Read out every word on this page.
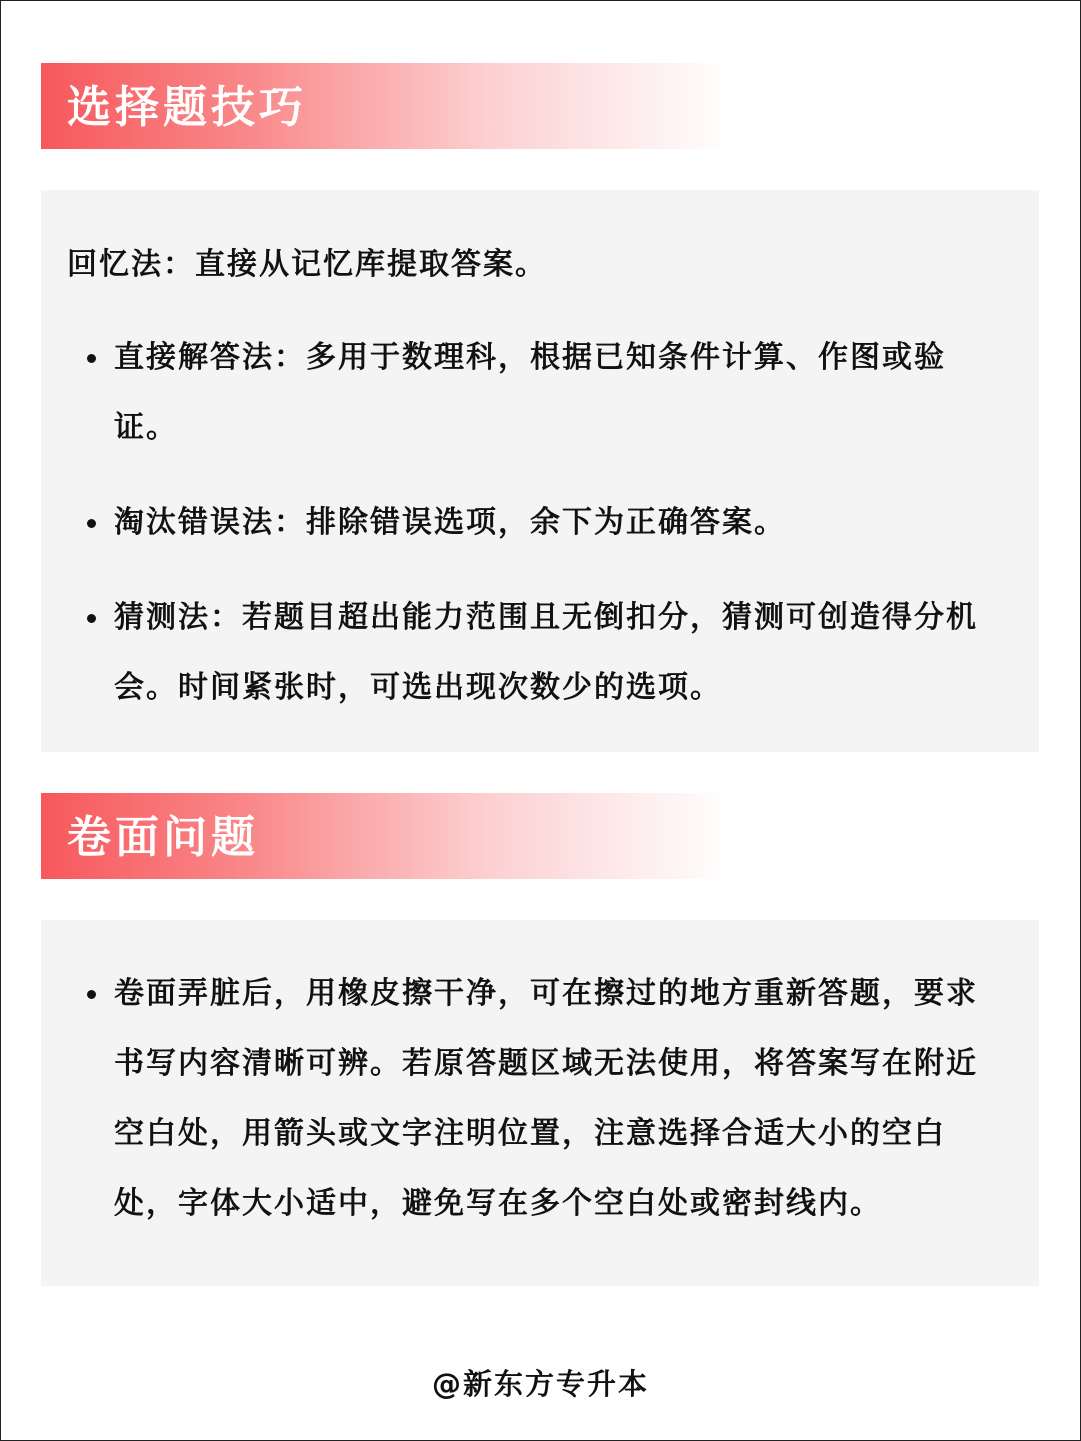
选择题技巧
回忆法：直接从记忆库提取答案。
直接解答法：多用于数理科，根据已知条件计算、作图或验证。
淘汰错误法：排除错误选项，余下为正确答案。
猜测法：若题目超出能力范围且无倒扣分，猜测可创造得分机会。时间紧张时，可选出现次数少的选项。
卷面问题
卷面弄脏后，用橡皮擦干净，可在擦过的地方重新答题，要求书写内容清晰可辨。若原答题区域无法使用，将答案写在附近空白处，用箭头或文字注明位置，注意选择合适大小的空白处，字体大小适中，避免写在多个空白处或密封线内。
@新东方专升本
